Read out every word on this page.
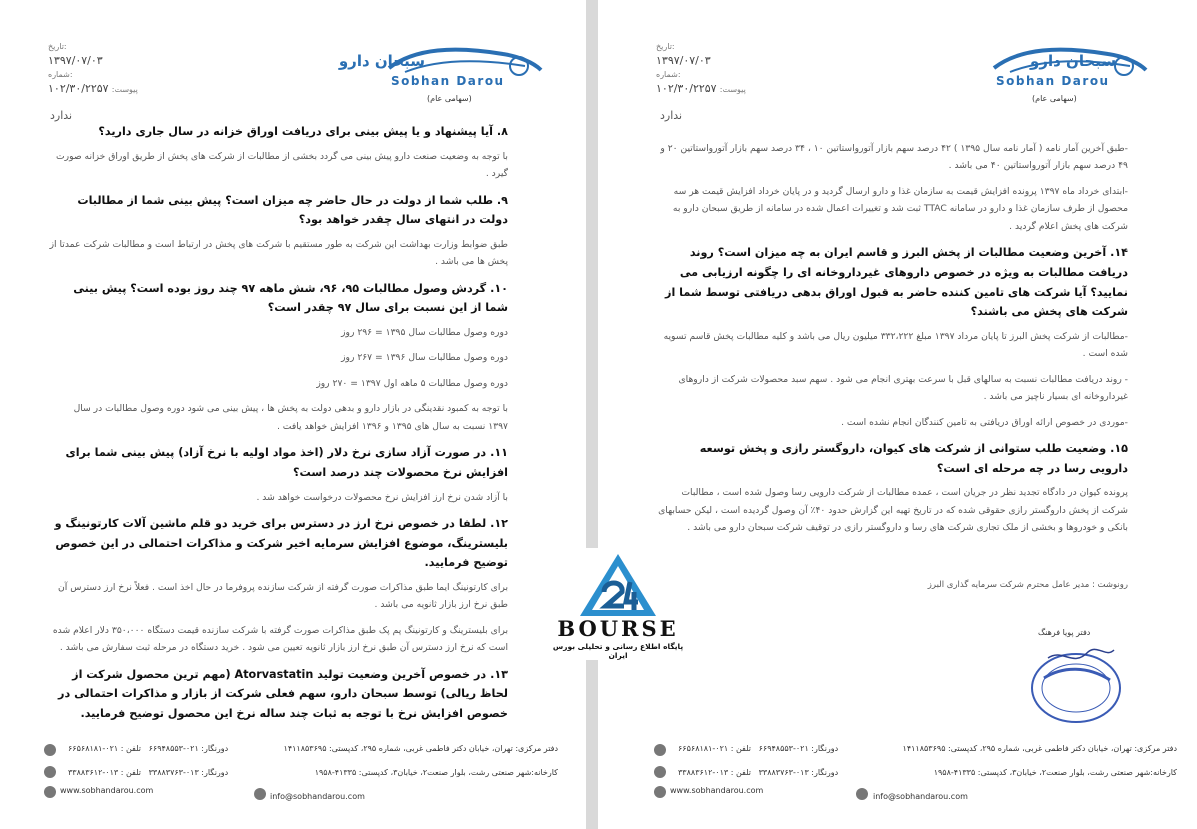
تاریخ:
۱۳۹۷/۰۷/۰۳
شماره:
پیوست: ۱۰۲/۳۰/۲۲۵۷
سبحان دارو
Sobhan Darou
(سهامی عام)
ندارد
۸. آیا پیشنهاد و یا پیش بینی برای دریافت اوراق خزانه در سال جاری دارید؟
با توجه به وضعیت صنعت دارو پیش بینی می گردد بخشی از مطالبات از شرکت های پخش از طریق اوراق خزانه صورت گیرد .
۹. طلب شما از دولت در حال حاضر چه میزان است؟ پیش بینی شما از مطالبات دولت در انتهای سال چقدر خواهد بود؟
طبق ضوابط وزارت بهداشت این شرکت به طور مستقیم با شرکت های پخش در ارتباط است و مطالبات شرکت عمدتا از پخش ها می باشد .
۱۰. گردش وصول مطالبات ۹۵، ۹۶، شش ماهه ۹۷ چند روز بوده است؟ پیش بینی شما از این نسبت برای سال ۹۷ چقدر است؟
دوره وصول مطالبات سال ۱۳۹۵ = ۲۹۶ روز
دوره وصول مطالبات سال ۱۳۹۶ = ۲۶۷ روز
دوره وصول مطالبات ۵ ماهه اول ۱۳۹۷ = ۲۷۰ روز
با توجه به کمبود نقدینگی در بازار دارو و بدهی دولت به پخش ها ، پیش بینی می شود دوره وصول مطالبات در سال ۱۳۹۷ نسبت به سال های ۱۳۹۵ و ۱۳۹۶ افزایش خواهد یافت .
۱۱. در صورت آزاد سازی نرخ دلار (اخذ مواد اولیه با نرخ آزاد) پیش بینی شما برای افزایش نرخ محصولات چند درصد است؟
با آزاد شدن نرخ ارز افزایش نرخ محصولات درخواست خواهد شد .
۱۲. لطفا در خصوص نرخ ارز در دسترس برای خرید دو قلم ماشین آلات کارتونینگ و بلیسترینگ، موضوع افزایش سرمایه اخیر شرکت و مذاکرات احتمالی در این خصوص توضیح فرمایید.
برای کارتونینگ ایما طبق مذاکرات صورت گرفته از شرکت سازنده پروفرما در حال اخذ است . فعلاً نرخ ارز دسترس آن طبق نرخ ارز بازار ثانویه می باشد .
برای بلیسترینگ و کارتونینگ پم پک طبق مذاکرات صورت گرفته با شرکت سازنده قیمت دستگاه ۳۵۰،۰۰۰ دلار اعلام شده است که نرخ ارز دسترس آن طبق نرخ ارز بازار ثانویه تعیین می شود . خرید دستگاه در مرحله ثبت سفارش می باشد .
۱۳. در خصوص آخرین وضعیت تولید Atorvastatin (مهم ترین محصول شرکت از لحاظ ریالی) توسط سبحان دارو، سهم فعلی شرکت از بازار و مذاکرات احتمالی در خصوص افزایش نرخ با توجه به ثبات چند ساله نرخ این محصول توضیح فرمایید.
تاریخ:
۱۳۹۷/۰۷/۰۳
شماره:
پیوست: ۱۰۲/۳۰/۲۲۵۷
سبحان دارو
Sobhan Darou
(سهامی عام)
ندارد
-طبق آخرین آمار نامه ( آمار نامه سال ۱۳۹۵ ) ۴۲ درصد سهم بازار آتورواستاتین ۱۰ ، ۳۴ درصد سهم بازار آتورواستاتین ۲۰ و ۴۹ درصد سهم بازار آتورواستاتین ۴۰ می باشد .
-ابتدای خرداد ماه ۱۳۹۷ پرونده افزایش قیمت به سازمان غذا و دارو ارسال گردید و در پایان خرداد افزایش قیمت هر سه محصول از طرف سازمان غذا و دارو در سامانه TTAC ثبت شد و تغییرات اعمال شده در سامانه از طریق سبحان دارو به شرکت های پخش اعلام گردید .
۱۴. آخرین وضعیت مطالبات از پخش البرز و قاسم ایران به چه میزان است؟ روند دریافت مطالبات به ویژه در خصوص داروهای غیرداروخانه ای را چگونه ارزیابی می نمایید؟ آیا شرکت های تامین کننده حاضر به قبول اوراق بدهی دریافتی توسط شما از شرکت های پخش می باشند؟
-مطالبات از شرکت پخش البرز تا پایان مرداد ۱۳۹۷ مبلغ ۳۳۲،۲۲۲ میلیون ریال می باشد و کلیه مطالبات پخش قاسم تسویه شده است .
- روند دریافت مطالبات نسبت به سالهای قبل با سرعت بهتری انجام می شود . سهم سبد محصولات شرکت از داروهای غیرداروخانه ای بسیار ناچیز می باشد .
-موردی در خصوص ارائه اوراق دریافتی به تامین کنندگان انجام نشده است .
۱۵. وضعیت طلب ستوانی از شرکت های کیوان، داروگستر رازی و پخش توسعه دارویی رسا در چه مرحله ای است؟
پرونده کیوان در دادگاه تجدید نظر در جریان است ، عمده مطالبات از شرکت دارویی رسا وصول شده است ، مطالبات شرکت از پخش داروگستر رازی حقوقی شده که در تاریخ تهیه این گزارش حدود ۴۰٪ آن وصول گردیده است ، لیکن حسابهای بانکی و خودروها و بخشی از ملک تجاری شرکت های رسا و داروگستر رازی در توقیف شرکت سبحان دارو می باشد .
رونوشت : مدیر عامل محترم شرکت سرمایه گذاری البرز
دفتر پویا فرهنگ
دفتر مرکزی: تهران، خیابان دکتر فاطمی غربی، شماره ۲۹۵، کدپستی: ۱۴۱۱۸۵۳۶۹۵
کارخانه:شهر صنعتی رشت، بلوار صنعت۲، خیابان۳، کدپستی: ۴۱۳۳۵-۱۹۵۸
info@sobhandarou.com
دورنگار: ۰۲۱-۶۶۹۴۸۵۵۳   تلفن : ۰۲۱-۶۶۵۶۸۱۸۱
دورنگار: ۰۱۳-۳۳۸۸۳۷۶۳   تلفن : ۰۱۳-۳۳۸۸۳۶۱۲
www.sobhandarou.com
دفتر مرکزی: تهران، خیابان دکتر فاطمی غربی، شماره ۲۹۵، کدپستی: ۱۴۱۱۸۵۳۶۹۵
کارخانه:شهر صنعتی رشت، بلوار صنعت۲، خیابان۳، کدپستی: ۴۱۳۳۵-۱۹۵۸
info@sobhandarou.com
دورنگار: ۰۲۱-۶۶۹۴۸۵۵۳   تلفن : ۰۲۱-۶۶۵۶۸۱۸۱
دورنگار: ۰۱۳-۳۳۸۸۳۷۶۳   تلفن : ۰۱۳-۳۳۸۸۳۶۱۲
www.sobhandarou.com
BOURSE
پایگاه اطلاع رسانی و تحلیلی بورس ایران
